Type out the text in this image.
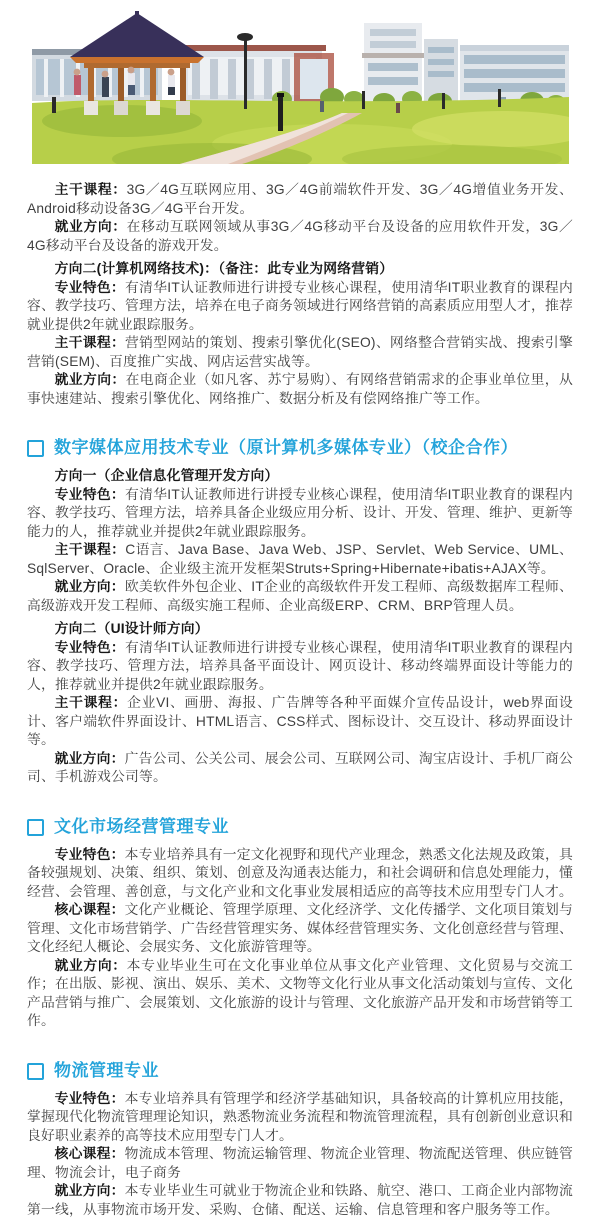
主干课程：3G／4G互联网应用、3G／4G前端软件开发、3G／4G增值业务开发、Android移动设备3G／4G平台开发。

就业方向：在移动互联网领域从事3G／4G移动平台及设备的应用软件开发，3G／4G移动平台及设备的游戏开发。

方向二(计算机网络技术)：（备注：此专业为网络营销）

专业特色：有清华IT认证教师进行讲授专业核心课程，使用清华IT职业教育的课程内容、教学技巧、管理方法，培养在电子商务领域进行网络营销的高素质应用型人才，推荐就业提供2年就业跟踪服务。

主干课程：营销型网站的策划、搜索引擎优化(SEO)、网络整合营销实战、搜索引擎营销(SEM)、百度推广实战、网店运营实战等。

就业方向：在电商企业（如凡客、苏宁易购）、有网络营销需求的企事业单位里，从事快速建站、搜索引擎优化、网络推广、数据分析及有偿网络推广等工作。

数字媒体应用技术专业（原计算机多媒体专业）（校企合作）

方向一（企业信息化管理开发方向）

专业特色：有清华IT认证教师进行讲授专业核心课程，使用清华IT职业教育的课程内容、教学技巧、管理方法，培养具备企业级应用分析、设计、开发、管理、维护、更新等能力的人，推荐就业并提供2年就业跟踪服务。

主干课程：C语言、Java Base、Java Web、JSP、Servlet、Web Service、UML、SqlServer、Oracle、企业级主流开发框架Struts+Spring+Hibernate+ibatis+AJAX等。

就业方向：欧美软件外包企业、IT企业的高级软件开发工程师、高级数据库工程师、高级游戏开发工程师、高级实施工程师、企业高级ERP、CRM、BRP管理人员。

方向二（UI设计师方向）

专业特色：有清华IT认证教师进行讲授专业核心课程，使用清华IT职业教育的课程内容、教学技巧、管理方法，培养具备平面设计、网页设计、移动终端界面设计等能力的人，推荐就业并提供2年就业跟踪服务。

主干课程：企业VI、画册、海报、广告牌等各种平面媒介宣传品设计，web界面设计、客户端软件界面设计、HTML语言、CSS样式、图标设计、交互设计、移动界面设计等。

就业方向：广告公司、公关公司、展会公司、互联网公司、淘宝店设计、手机厂商公司、手机游戏公司等。

文化市场经营管理专业

专业特色：本专业培养具有一定文化视野和现代产业理念，熟悉文化法规及政策，具备较强规划、决策、组织、策划、创意及沟通表达能力，和社会调研和信息处理能力，懂经营、会管理、善创意，与文化产业和文化事业发展相适应的高等技术应用型专门人才。

核心课程：文化产业概论、管理学原理、文化经济学、文化传播学、文化项目策划与管理、文化市场营销学、广告经营管理实务、媒体经营管理实务、文化创意经营与管理、文化经纪人概论、会展实务、文化旅游管理等。

就业方向：本专业毕业生可在文化事业单位从事文化产业管理、文化贸易与交流工作；在出版、影视、演出、娱乐、美术、文物等文化行业从事文化活动策划与宣传、文化产品营销与推广、会展策划、文化旅游的设计与管理、文化旅游产品开发和市场营销等工作。

物流管理专业

专业特色：本专业培养具有管理学和经济学基础知识，具备较高的计算机应用技能，掌握现代化物流管理理论知识，熟悉物流业务流程和物流管理流程，具有创新创业意识和良好职业素养的高等技术应用型专门人才。

核心课程：物流成本管理、物流运输管理、物流企业管理、物流配送管理、供应链管理、物流会计，电子商务

就业方向：本专业毕业生可就业于物流企业和铁路、航空、港口、工商企业内部物流第一线，从事物流市场开发、采购、仓储、配送、运输、信息管理和客户服务等工作。
